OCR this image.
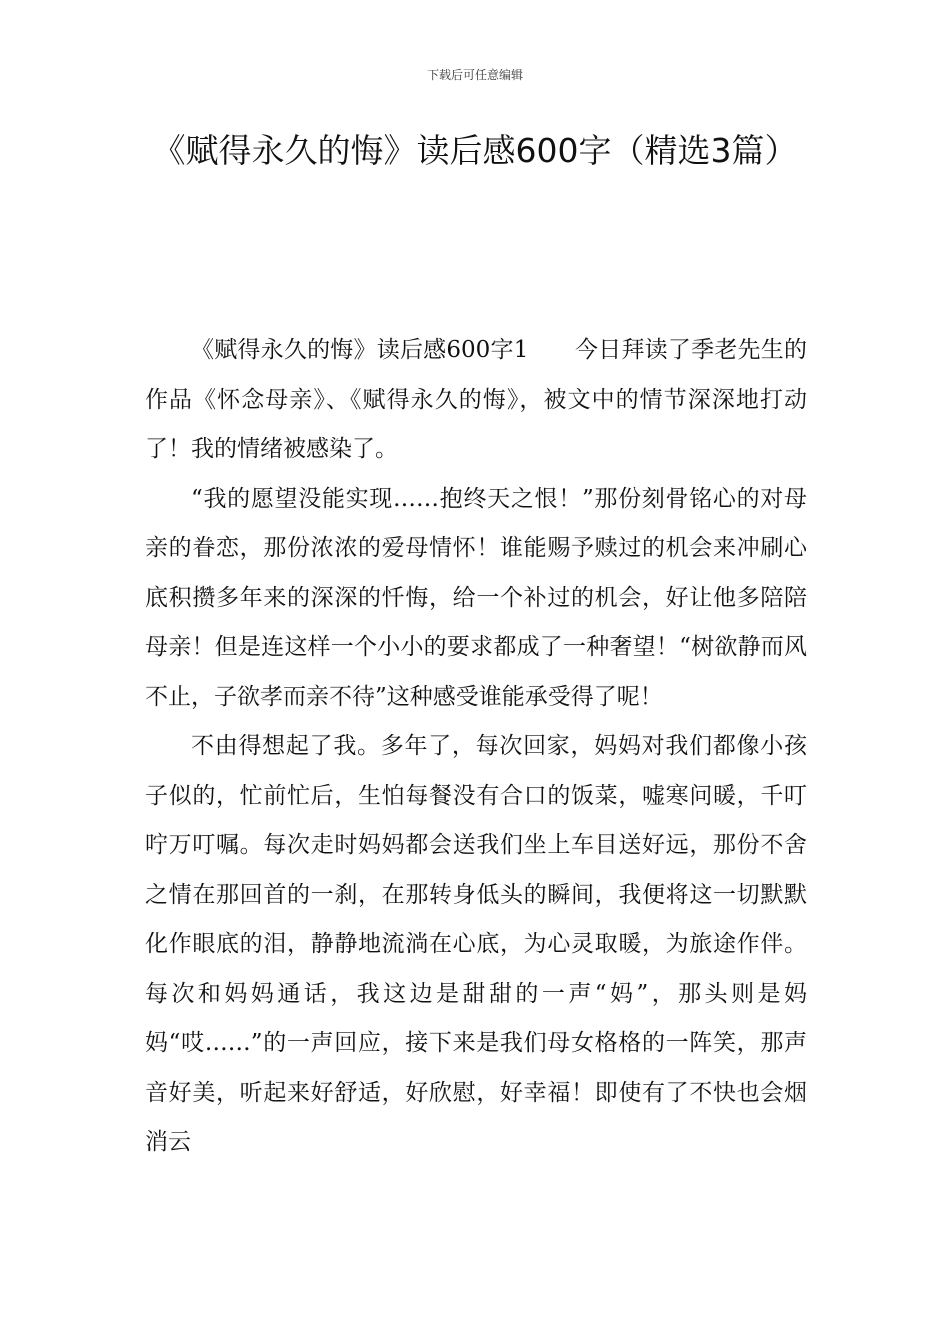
下载后可任意编辑
《赋得永久的悔》读后感600字（精选3篇）

《赋得永久的悔》读后感600字1　　今日拜读了季老先生的作品《怀念母亲》、《赋得永久的悔》，被文中的情节深深地打动了！我的情绪被感染了。

“我的愿望没能实现……抱终天之恨！”那份刻骨铭心的对母亲的眷恋，那份浓浓的爱母情怀！谁能赐予赎过的机会来冲刷心底积攒多年来的深深的忏悔，给一个补过的机会，好让他多陪陪母亲！但是连这样一个小小的要求都成了一种奢望！“树欲静而风不止，子欲孝而亲不待”这种感受谁能承受得了呢！

不由得想起了我。多年了，每次回家，妈妈对我们都像小孩子似的，忙前忙后，生怕每餐没有合口的饭菜，嘘寒问暖，千叮咛万叮嘱。每次走时妈妈都会送我们坐上车目送好远，那份不舍之情在那回首的一刹，在那转身低头的瞬间，我便将这一切默默化作眼底的泪，静静地流淌在心底，为心灵取暖，为旅途作伴。每次和妈妈通话，我这边是甜甜的一声“妈”，那头则是妈妈“哎……”的一声回应，接下来是我们母女格格的一阵笑，那声音好美，听起来好舒适，好欣慰，好幸福！即使有了不快也会烟消云
